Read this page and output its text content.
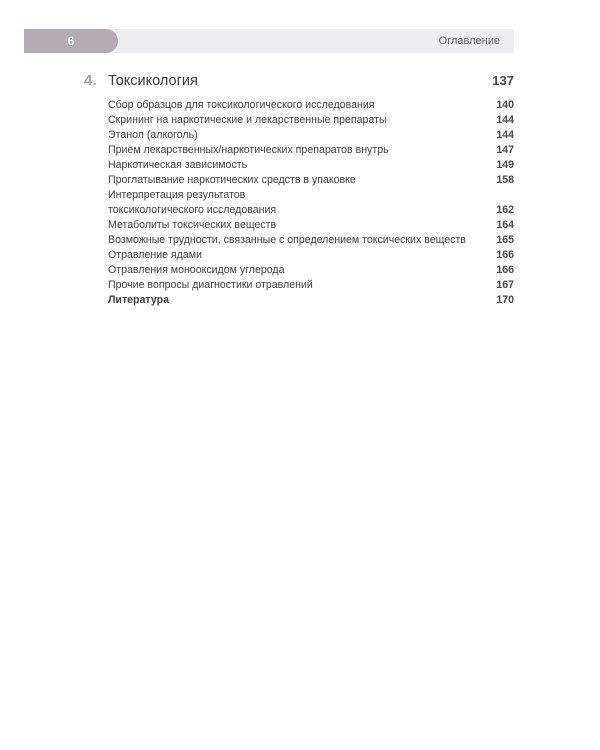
6	Оглавление
4. Токсикология	137
Сбор образцов для токсикологического исследования	140
Скрининг на наркотические и лекарственные препараты	144
Этанол (алкоголь)	144
Прием лекарственных/наркотических препаратов внутрь	147
Наркотическая зависимость	149
Проглатывание наркотических средств в упаковке	158
Интерпретация результатов
токсикологического исследования	162
Метаболиты токсических веществ	164
Возможные трудности, связанные с определением токсических веществ	165
Отравление ядами	166
Отравления монооксидом углерода	166
Прочие вопросы диагностики отравлений	167
Литература	170
